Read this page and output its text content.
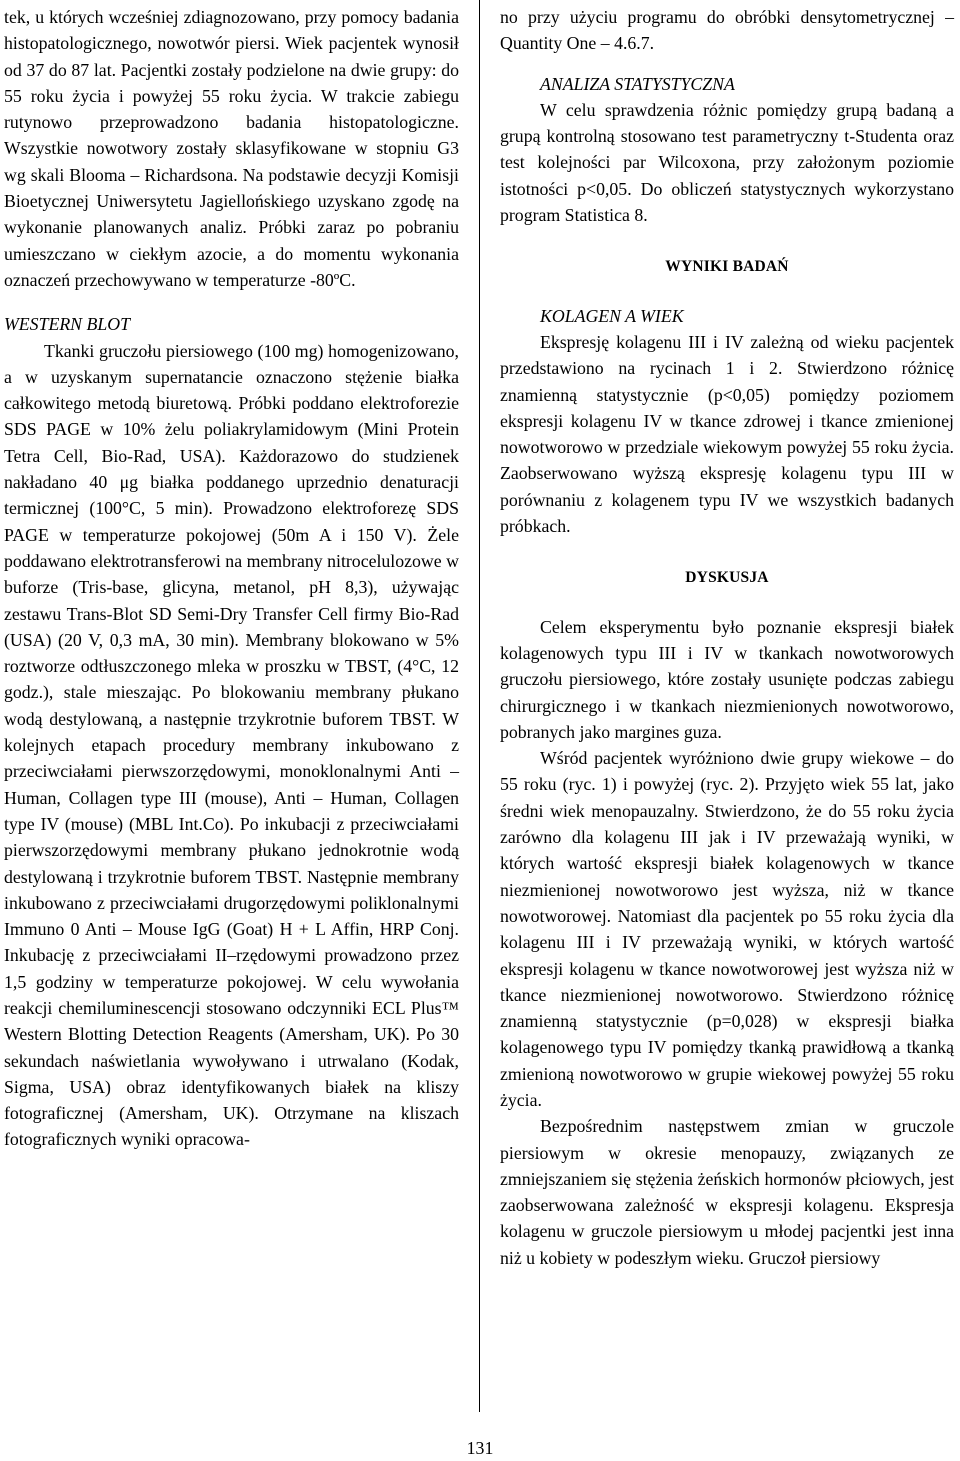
tek, u których wcześniej zdiagnozowano, przy pomocy badania histopatologicznego, nowotwór piersi. Wiek pacjentek wynosił od 37 do 87 lat. Pacjentki zostały podzielone na dwie grupy: do 55 roku życia i powyżej 55 roku życia. W trakcie zabiegu rutynowo przeprowadzono badania histopatologiczne. Wszystkie nowotwory zostały sklasyfikowane w stopniu G3 wg skali Blooma – Richardsona. Na podstawie decyzji Komisji Bioetycznej Uniwersytetu Jagiellońskiego uzyskano zgodę na wykonanie planowanych analiz. Próbki zaraz po pobraniu umieszczano w ciekłym azocie, a do momentu wykonania oznaczeń przechowywano w temperaturze -80ºC.

WESTERN BLOT

Tkanki gruczołu piersiowego (100 mg) homogenizowano, a w uzyskanym supernatancie oznaczono stężenie białka całkowitego metodą biuretową. Próbki poddano elektroforezie SDS PAGE w 10% żelu poliakrylamidowym (Mini Protein Tetra Cell, Bio-Rad, USA). Każdorazowo do studzienek nakładano 40 μg białka poddanego uprzednio denaturacji termicznej (100°C, 5 min). Prowadzono elektroforezę SDS PAGE w temperaturze pokojowej (50m A i 150 V). Żele poddawano elektrotransferowi na membrany nitrocelulozowe w buforze (Tris-base, glicyna, metanol, pH 8,3), używając zestawu Trans-Blot SD Semi-Dry Transfer Cell firmy Bio-Rad (USA) (20 V, 0,3 mA, 30 min). Membrany blokowano w 5% roztworze odtłuszczonego mleka w proszku w TBST, (4°C, 12 godz.), stale mieszając. Po blokowaniu membrany płukano wodą destylowaną, a następnie trzykrotnie buforem TBST. W kolejnych etapach procedury membrany inkubowano z przeciwciałami pierwszorzędowymi, monoklonalnymi Anti – Human, Collagen type III (mouse), Anti – Human, Collagen type IV (mouse) (MBL Int.Co). Po inkubacji z przeciwciałami pierwszorzędowymi membrany płukano jednokrotnie wodą destylowaną i trzykrotnie buforem TBST. Następnie membrany inkubowano z przeciwciałami drugorzędowymi poliklonalnymi Immuno 0 Anti – Mouse IgG (Goat) H + L Affin, HRP Conj. Inkubację z przeciwciałami II–rzędowymi prowadzono przez 1,5 godziny w temperaturze pokojowej. W celu wywołania reakcji chemiluminescencji stosowano odczynniki ECL Plus™ Western Blotting Detection Reagents (Amersham, UK). Po 30 sekundach naświetlania wywoływano i utrwalano (Kodak, Sigma, USA) obraz identyfikowanych białek na kliszy fotograficznej (Amersham, UK). Otrzymane na kliszach fotograficznych wyniki opracowa-

no przy użyciu programu do obróbki densytometrycznej – Quantity One – 4.6.7.

ANALIZA STATYSTYCZNA

W celu sprawdzenia różnic pomiędzy grupą badaną a grupą kontrolną stosowano test parametryczny t-Studenta oraz test kolejności par Wilcoxona, przy założonym poziomie istotności p<0,05. Do obliczeń statystycznych wykorzystano program Statistica 8.

WYNIKI BADAŃ

KOLAGEN A WIEK

Ekspresję kolagenu III i IV zależną od wieku pacjentek przedstawiono na rycinach 1 i 2. Stwierdzono różnicę znamienną statystycznie (p<0,05) pomiędzy poziomem ekspresji kolagenu IV w tkance zdrowej i tkance zmienionej nowotworowo w przedziale wiekowym powyżej 55 roku życia. Zaobserwowano wyższą ekspresję kolagenu typu III w porównaniu z kolagenem typu IV we wszystkich badanych próbkach.

DYSKUSJA

Celem eksperymentu było poznanie ekspresji białek kolagenowych typu III i IV w tkankach nowotworowych gruczołu piersiowego, które zostały usunięte podczas zabiegu chirurgicznego i w tkankach niezmienionych nowotworowo, pobranych jako margines guza.

Wśród pacjentek wyróżniono dwie grupy wiekowe – do 55 roku (ryc. 1) i powyżej (ryc. 2). Przyjęto wiek 55 lat, jako średni wiek menopauzalny. Stwierdzono, że do 55 roku życia zarówno dla kolagenu III jak i IV przeważają wyniki, w których wartość ekspresji białek kolagenowych w tkance niezmienionej nowotworowo jest wyższa, niż w tkance nowotworowej. Natomiast dla pacjentek po 55 roku życia dla kolagenu III i IV przeważają wyniki, w których wartość ekspresji kolagenu w tkance nowotworowej jest wyższa niż w tkance niezmienionej nowotworowo. Stwierdzono różnicę znamienną statystycznie (p=0,028) w ekspresji białka kolagenowego typu IV pomiędzy tkanką prawidłową a tkanką zmienioną nowotworowo w grupie wiekowej powyżej 55 roku życia.

Bezpośrednim następstwem zmian w gruczole piersiowym w okresie menopauzy, związanych ze zmniejszaniem się stężenia żeńskich hormonów płciowych, jest zaobserwowana zależność w ekspresji kolagenu. Ekspresja kolagenu w gruczole piersiowym u młodej pacjentki jest inna niż u kobiety w podeszłym wieku. Gruczoł piersiowy

131
